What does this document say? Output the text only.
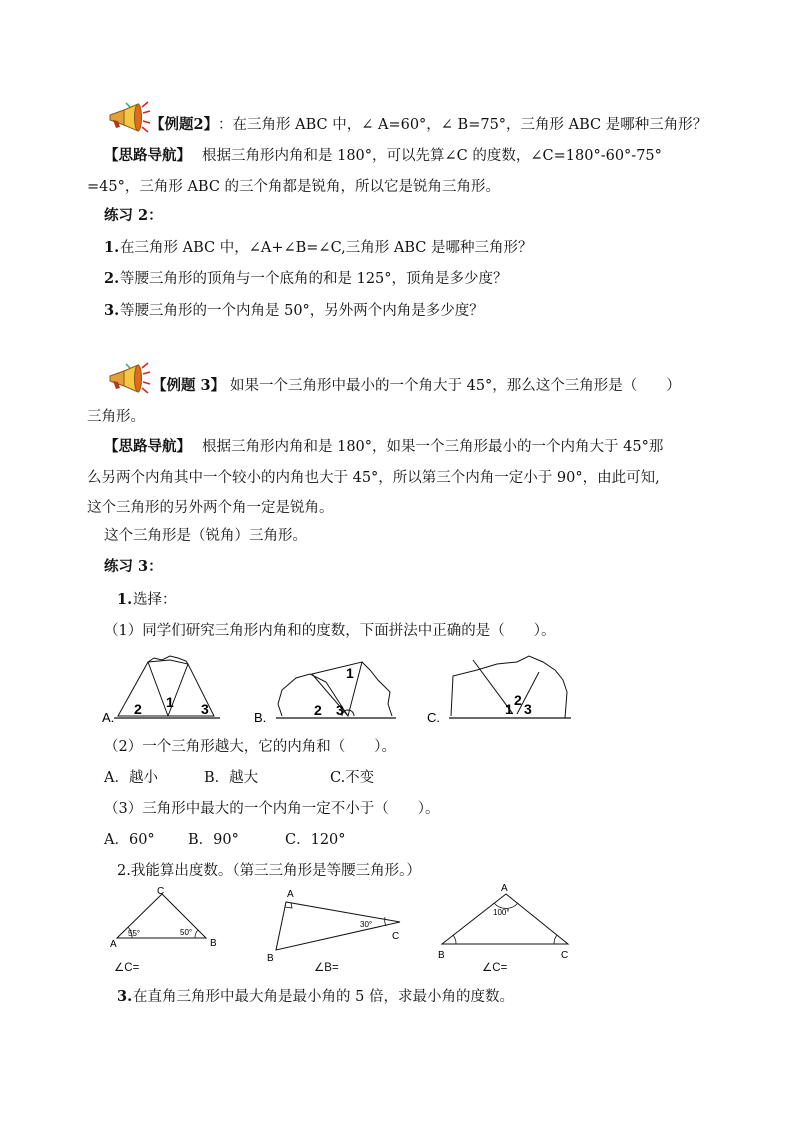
【例题2】 ：在三角形 ABC 中，∠ A=60°，∠ B=75°，三角形 ABC 是哪种三角形？
【思路导航】 根据三角形内角和是 180°，可以先算∠C 的度数，∠C=180°-60°-75°
=45°，三角形 ABC 的三个角都是锐角，所以它是锐角三角形。
练习 2：
1. 在三角形 ABC 中，∠A+∠B=∠C,三角形 ABC 是哪种三角形？
2. 等腰三角形的顶角与一个底角的和是 125°，顶角是多少度？
3. 等腰三角形的一个内角是 50°，另外两个内角是多少度？
【例题 3】 如果一个三角形中最小的一个角大于 45°，那么这个三角形是（　　）
三角形。
【思路导航】 根据三角形内角和是 180°，如果一个三角形最小的一个内角大于 45°那
么另两个内角其中一个较小的内角也大于 45°，所以第三个内角一定小于 90°，由此可知,
这个三角形的另外两个角一定是锐角。
这个三角形是（锐角）三角形。
练习 3：
1. 选择：
（1）同学们研究三角形内角和的度数，下面拼法中正确的是（　　）。
A.
2 1 3
B.
1
2 3	C.
1
2
3
（2）一个三角形越大，它的内角和（　　）。
A．越小	B．越大	C.不变
（3）三角形中最大的一个内角一定不小于（　　）。
A．60° B．90°	C．120°
2.我能算出度数。（第三三角形是等腰三角形。）
C
A	B
55°	50°
∠C=
A
B
C
30°
∠B=
A
B	C
100°
∠C=
3. 在直角三角形中最大角是最小角的 5 倍，求最小角的度数。
